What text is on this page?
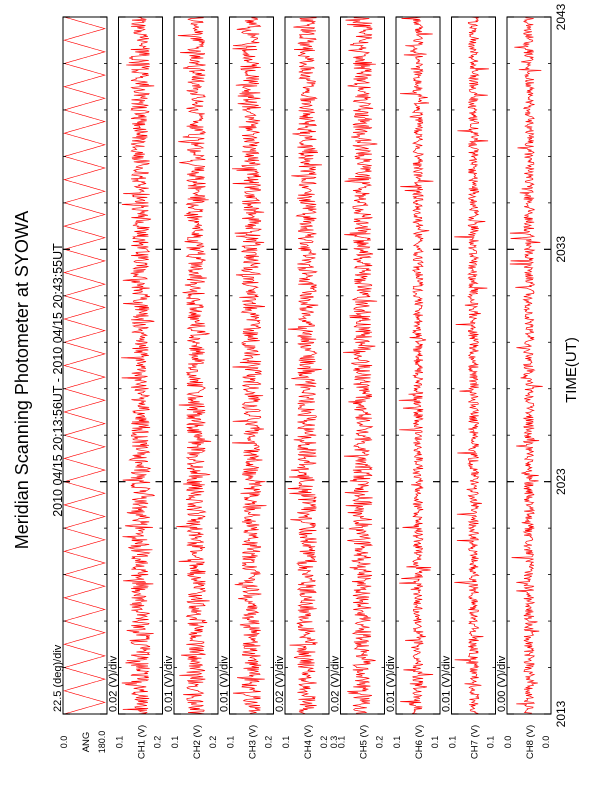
22.5 (deg)/div
0.0	180.0
ANG
0.02 (V)/div
0.1	0.2
CH1 (V)
0.01 (V)/div
0.1	0.2
CH2 (V)
0.01 (V)/div
0.1	0.2
CH3 (V)
0.02 (V)/div
0.1	0.2 0.3
CH4 (V)
0.02 (V)/div
0.1	0.2
CH5 (V)
0.01 (V)/div
0.1	0.1
CH6 (V)
0.01 (V)/div
0.1	0.1
CH7 (V)
0.00 (V)/div
0.0	0.0
CH8 (V)
2013
2023
2033
2043
Meridian Scanning Photometer at SYOWA 2010 04/15 20:13:56UT - 2010 04/15 20:43:55UT	TIME(UT)
